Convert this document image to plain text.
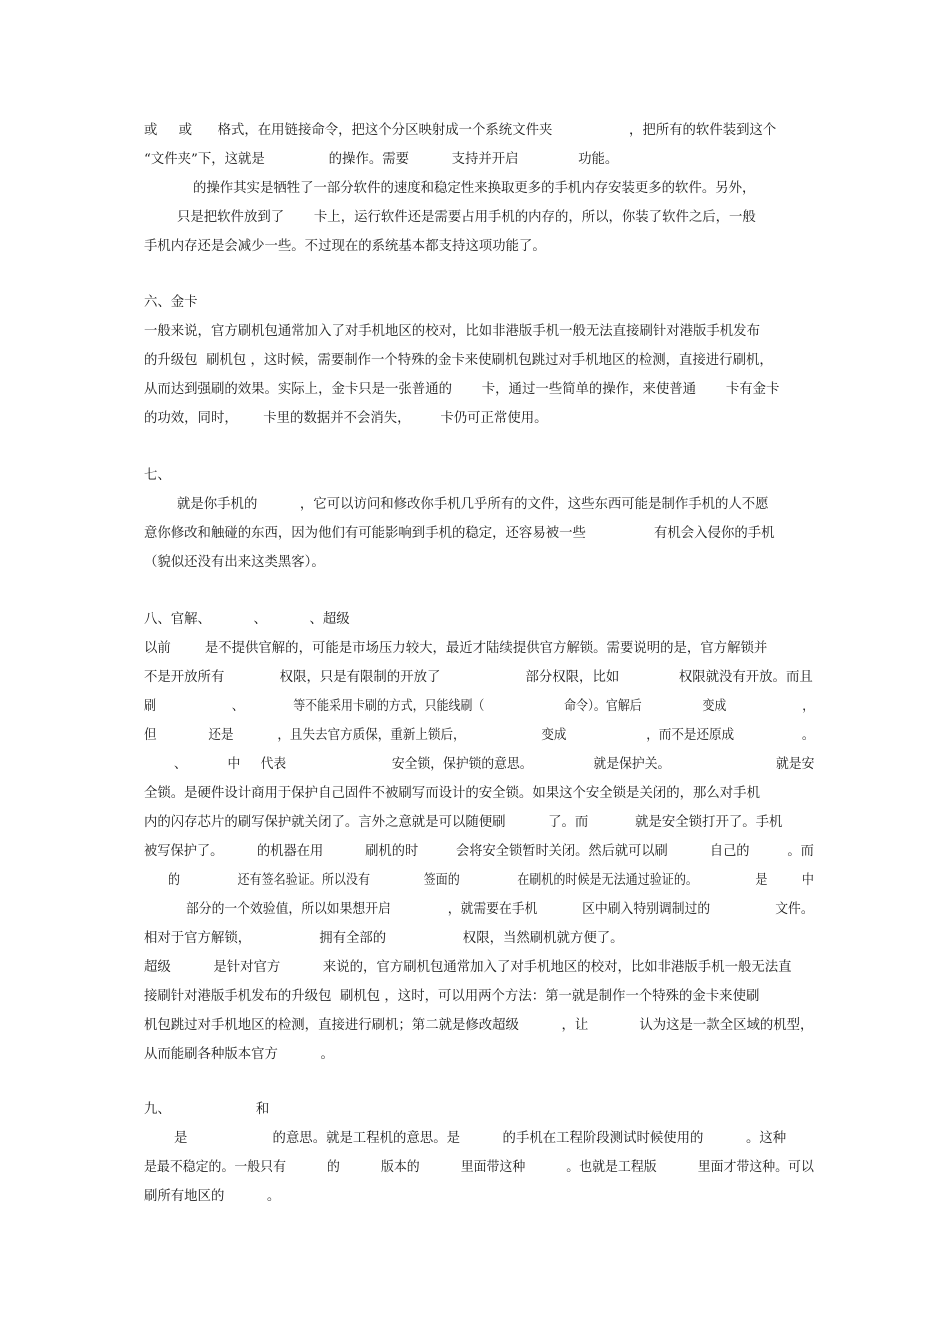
或     或      格式，在用链接命令，把这个分区映射成一个系统文件夹                  ，把所有的软件装到这个
“文件夹”下，这就是               的操作。需要          支持并开启              功能。
的操作其实是牺牲了一部分软件的速度和稳定性来换取更多的手机内存安装更多的软件。另外，
只是把软件放到了       卡上，运行软件还是需要占用手机的内存的，所以，你装了软件之后，一般
手机内存还是会减少一些。不过现在的系统基本都支持这项功能了。
六、金卡
一般来说，官方刷机包通常加入了对手机地区的校对，比如非港版手机一般无法直接刷针对港版手机发布
的升级包  刷机包 ，这时候，需要制作一个特殊的金卡来使刷机包跳过对手机地区的检测，直接进行刷机，
从而达到强刷的效果。实际上，金卡只是一张普通的       卡，通过一些简单的操作，来使普通       卡有金卡
的功效，同时，      卡里的数据并不会消失，       卡仍可正常使用。
七、
就是你手机的          ，它可以访问和修改你手机几乎所有的文件，这些东西可能是制作手机的人不愿
意你修改和触碰的东西，因为他们有可能影响到手机的稳定，还容易被一些                有机会入侵你的手机
（貌似还没有出来这类黑客）。
八、官解、          、          、超级
以前        是不提供官解的，可能是市场压力较大，最近才陆续提供官方解锁。需要说明的是，官方解锁并
不是开放所有             权限，只是有限制的开放了                    部分权限，比如              权限就没有开放。而且
刷                    、             等不能采用卡刷的方式，只能线刷（                     命令）。官解后                变成                    ，
但             还是           ，且失去官方质保，重新上锁后，                   变成                    ，而不是还原成                 。
、          中     代表                          安全锁，保护锁的意思。               就是保护关。                          就是安
全锁。是硬件设计商用于保护自己固件不被刷写而设计的安全锁。如果这个安全锁是关闭的，那么对手机
内的闪存芯片的刷写保护就关闭了。言外之意就是可以随便刷          了。而           就是安全锁打开了。手机
被写保护了。        的机器在用          刷机的时         会将安全锁暂时关闭。然后就可以刷          自己的         。而
的               还有签名验证。所以没有              签面的               在刷机的时候是无法通过验证的。               是         中
部分的一个效验值，所以如果想开启              ，就需要在手机           区中刷入特别调制过的                文件。
相对于官方解锁，                拥有全部的                  权限，当然刷机就方便了。
超级          是针对官方          来说的，官方刷机包通常加入了对手机地区的校对，比如非港版手机一般无法直
接刷针对港版手机发布的升级包  刷机包 ，这时，可以用两个方法：第一就是制作一个特殊的金卡来使刷
机包跳过对手机地区的检测，直接进行刷机；第二就是修改超级          ，让            认为这是一款全区域的机型，
从而能刷各种版本官方          。
九、                    和
是                    的意思。就是工程机的意思。是          的手机在工程阶段测试时候使用的          。这种
是最不稳定的。一般只有          的          版本的          里面带这种          。也就是工程版          里面才带这种。可以
刷所有地区的          。
